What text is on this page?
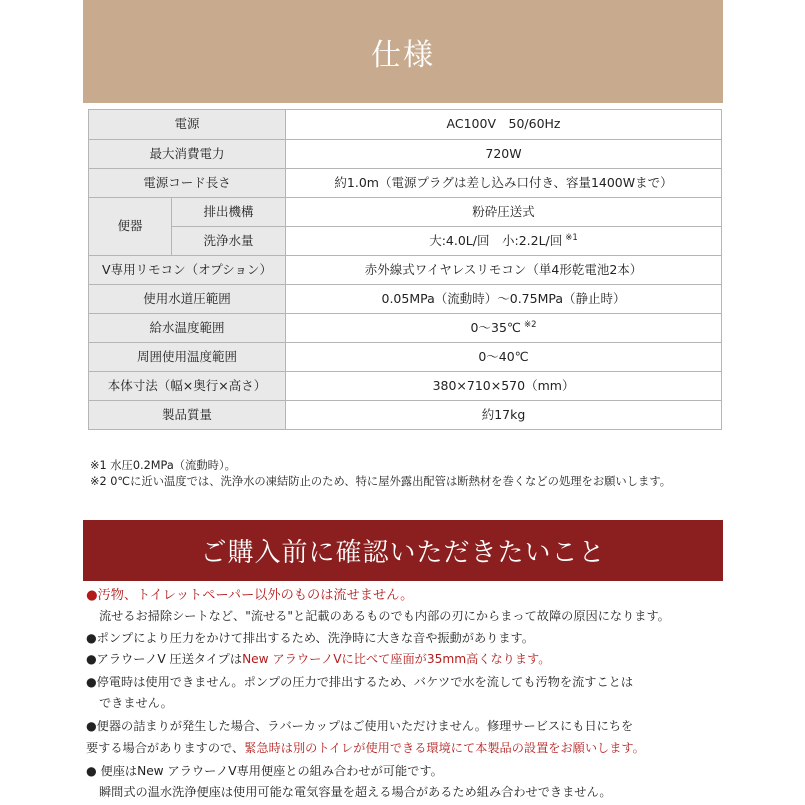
仕様
電源		AC100V　50/60Hz
最大消費電力		720W
電源コード長さ		約1.0m（電源プラグは差し込み口付き、容量1400Wまで）
便器	排出機構	粉砕圧送式
	洗浄水量	大:4.0L/回　小:2.2L/回 $^{※1}$
V専用リモコン（オプション）		赤外線式ワイヤレスリモコン（単4形乾電池2本）
使用水道圧範囲		0.05MPa（流動時）〜0.75MPa（静止時）
給水温度範囲		0〜35℃ $^{※2}$
周囲使用温度範囲		0〜40℃
本体寸法（幅×奥行×高さ）		380×710×570（mm）
製品質量		約17kg
※1 水圧0.2MPa（流動時）。
※2 0℃に近い温度では、洗浄水の凍結防止のため、特に屋外露出配管は断熱材を巻くなどの処理をお願いします。
ご購入前に確認いただきたいこと
●汚物、トイレットペーパー以外のものは流せません。
流せるお掃除シートなど、"流せる"と記載のあるものでも内部の刃にからまって故障の原因になります。
●ポンプにより圧力をかけて排出するため、洗浄時に大きな音や振動があります。
●アラウーノV 圧送タイプはNew アラウーノVに比べて座面が35mm高くなります。
●停電時は使用できません。ポンプの圧力で排出するため、バケツで水を流しても汚物を流すことは
できません。
●便器の詰まりが発生した場合、ラバーカップはご使用いただけません。修理サービスにも日にちを
要する場合がありますので、緊急時は別のトイレが使用できる環境にて本製品の設置をお願いします。
● 便座はNew アラウーノV専用便座との組み合わせが可能です。
瞬間式の温水洗浄便座は使用可能な電気容量を超える場合があるため組み合わせできません。
